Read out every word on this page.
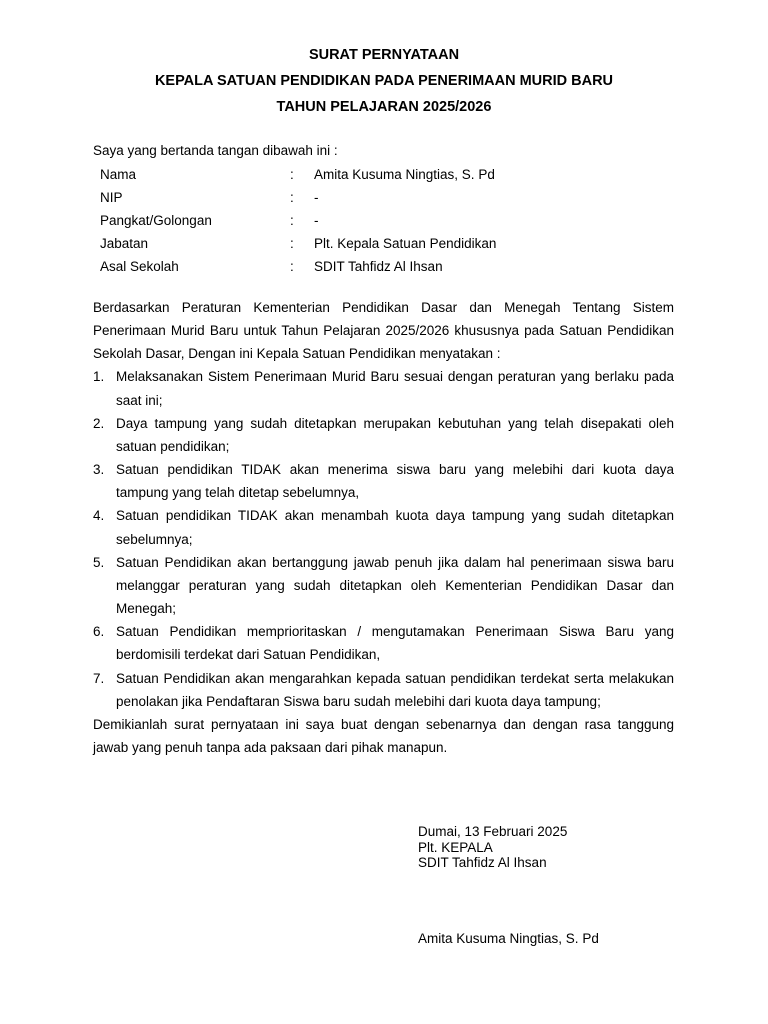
SURAT PERNYATAAN
KEPALA SATUAN PENDIDIKAN PADA PENERIMAAN MURID BARU
TAHUN PELAJARAN 2025/2026
Saya yang bertanda tangan dibawah ini :
Nama	: Amita Kusuma Ningtias, S. Pd
NIP	: -
Pangkat/Golongan	: -
Jabatan	: Plt. Kepala Satuan Pendidikan
Asal Sekolah	: SDIT Tahfidz Al Ihsan

Berdasarkan Peraturan Kementerian Pendidikan Dasar dan Menegah Tentang Sistem Penerimaan Murid Baru untuk Tahun Pelajaran 2025/2026 khususnya pada Satuan Pendidikan Sekolah Dasar, Dengan ini Kepala Satuan Pendidikan menyatakan :

1. Melaksanakan Sistem Penerimaan Murid Baru sesuai dengan peraturan yang berlaku pada saat ini;
2. Daya tampung yang sudah ditetapkan merupakan kebutuhan yang telah disepakati oleh satuan pendidikan;
3. Satuan pendidikan TIDAK akan menerima siswa baru yang melebihi dari kuota daya tampung yang telah ditetap sebelumnya,
4. Satuan pendidikan TIDAK akan menambah kuota daya tampung yang sudah ditetapkan sebelumnya;
5. Satuan Pendidikan akan bertanggung jawab penuh jika dalam hal penerimaan siswa baru melanggar peraturan yang sudah ditetapkan oleh Kementerian Pendidikan Dasar dan Menegah;
6. Satuan Pendidikan memprioritaskan / mengutamakan Penerimaan Siswa Baru yang berdomisili terdekat dari Satuan Pendidikan,
7. Satuan Pendidikan akan mengarahkan kepada satuan pendidikan terdekat serta melakukan penolakan jika Pendaftaran Siswa baru sudah melebihi dari kuota daya tampung;

Demikianlah surat pernyataan ini saya buat dengan sebenarnya dan dengan rasa tanggung jawab yang penuh tanpa ada paksaan dari pihak manapun.

Dumai, 13 Februari 2025
Plt. KEPALA
SDIT Tahfidz Al Ihsan
Amita Kusuma Ningtias, S. Pd
